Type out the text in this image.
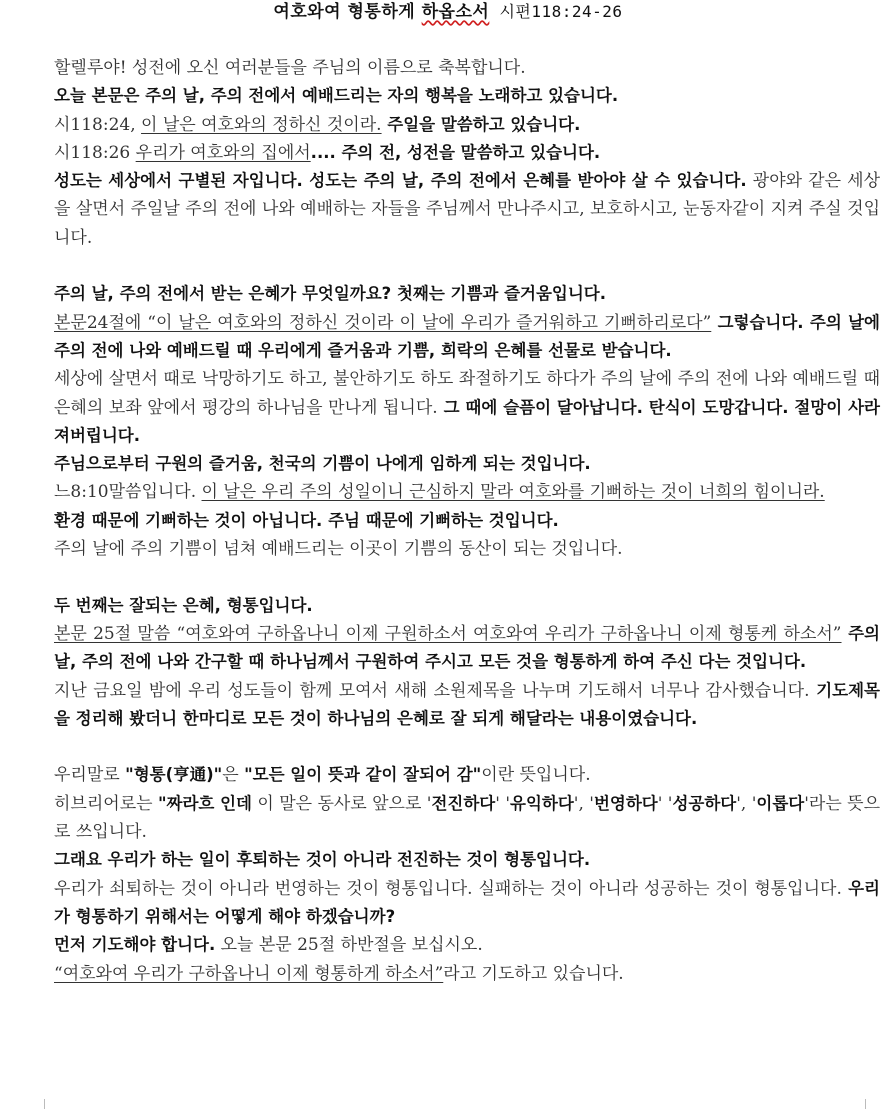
여호와여 형통하게 하옵소서 시편118:24-26

할렐루야! 성전에 오신 여러분들을 주님의 이름으로 축복합니다.

오늘 본문은 주의 날, 주의 전에서 예배드리는 자의 행복을 노래하고 있습니다.

시118:24, 이 날은 여호와의 정하신 것이라. 주일을 말씀하고 있습니다.

시118:26 우리가 여호와의 집에서.... 주의 전, 성전을 말씀하고 있습니다.

성도는 세상에서 구별된 자입니다. 성도는 주의 날, 주의 전에서 은혜를 받아야 살 수 있습니다. 광야와 같은 세상을 살면서 주일날 주의 전에 나와 예배하는 자들을 주님께서 만나주시고, 보호하시고, 눈동자같이 지켜 주실 것입니다.

주의 날, 주의 전에서 받는 은혜가 무엇일까요? 첫째는 기쁨과 즐거움입니다.

본문24절에 “이 날은 여호와의 정하신 것이라 이 날에 우리가 즐거워하고 기뻐하리로다” 그렇습니다. 주의 날에 주의 전에 나와 예배드릴 때 우리에게 즐거움과 기쁨, 희락의 은혜를 선물로 받습니다.

세상에 살면서 때로 낙망하기도 하고, 불안하기도 하도 좌절하기도 하다가 주의 날에 주의 전에 나와 예배드릴 때 은혜의 보좌 앞에서 평강의 하나님을 만나게 됩니다. 그 때에 슬픔이 달아납니다. 탄식이 도망갑니다. 절망이 사라져버립니다.

주님으로부터 구원의 즐거움, 천국의 기쁨이 나에게 임하게 되는 것입니다.

느8:10말씀입니다. 이 날은 우리 주의 성일이니 근심하지 말라 여호와를 기뻐하는 것이 너희의 힘이니라.

환경 때문에 기뻐하는 것이 아닙니다. 주님 때문에 기뻐하는 것입니다.

주의 날에 주의 기쁨이 넘쳐 예배드리는 이곳이 기쁨의 동산이 되는 것입니다.

두 번째는 잘되는 은혜, 형통입니다.

본문 25절 말씀 “여호와여 구하옵나니 이제 구원하소서 여호와여 우리가 구하옵나니 이제 형통케 하소서” 주의 날, 주의 전에 나와 간구할 때 하나님께서 구원하여 주시고 모든 것을 형통하게 하여 주신 다는 것입니다.

지난 금요일 밤에 우리 성도들이 함께 모여서 새해 소원제목을 나누며 기도해서 너무나 감사했습니다. 기도제목을 정리해 봤더니 한마디로 모든 것이 하나님의 은혜로 잘 되게 해달라는 내용이였습니다.

우리말로 "형통(亨通)"은 "모든 일이 뜻과 같이 잘되어 감"이란 뜻입니다.

히브리어로는 "짜라흐 인데 이 말은 동사로 앞으로 '전진하다' '유익하다', '번영하다' '성공하다', '이롭다'라는 뜻으로 쓰입니다.

그래요 우리가 하는 일이 후퇴하는 것이 아니라 전진하는 것이 형통입니다.

우리가 쇠퇴하는 것이 아니라 번영하는 것이 형통입니다. 실패하는 것이 아니라 성공하는 것이 형통입니다. 우리가 형통하기 위해서는 어떻게 해야 하겠습니까?

먼저 기도해야 합니다. 오늘 본문 25절 하반절을 보십시오.

“여호와여 우리가 구하옵나니 이제 형통하게 하소서”라고 기도하고 있습니다.
